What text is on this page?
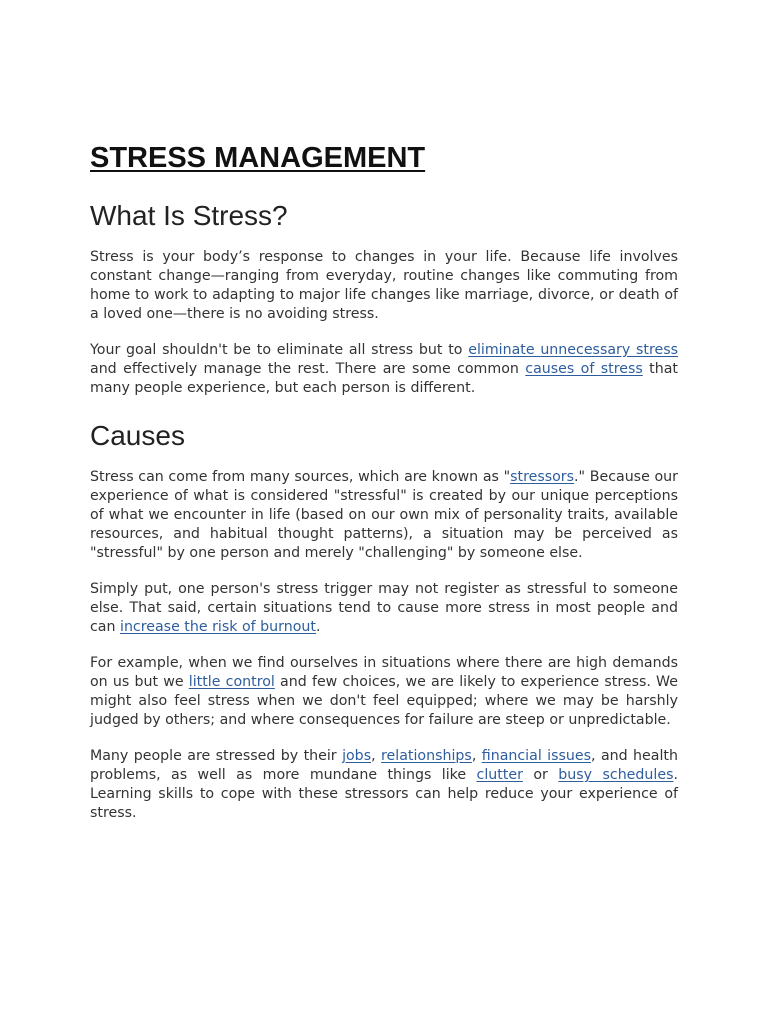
STRESS MANAGEMENT
What Is Stress?

Stress is your body’s response to changes in your life. Because life involves constant change—ranging from everyday, routine changes like commuting from home to work to adapting to major life changes like marriage, divorce, or death of a loved one—there is no avoiding stress.

Your goal shouldn't be to eliminate all stress but to eliminate unnecessary stress and effectively manage the rest. There are some common causes of stress that many people experience, but each person is different.

Causes

Stress can come from many sources, which are known as "stressors." Because our experience of what is considered "stressful" is created by our unique perceptions of what we encounter in life (based on our own mix of personality traits, available resources, and habitual thought patterns), a situation may be perceived as "stressful" by one person and merely "challenging" by someone else.

Simply put, one person's stress trigger may not register as stressful to someone else. That said, certain situations tend to cause more stress in most people and can increase the risk of burnout.

For example, when we find ourselves in situations where there are high demands on us but we little control and few choices, we are likely to experience stress. We might also feel stress when we don't feel equipped; where we may be harshly judged by others; and where consequences for failure are steep or unpredictable.

Many people are stressed by their jobs, relationships, financial issues, and health problems, as well as more mundane things like clutter or busy schedules. Learning skills to cope with these stressors can help reduce your experience of stress.
